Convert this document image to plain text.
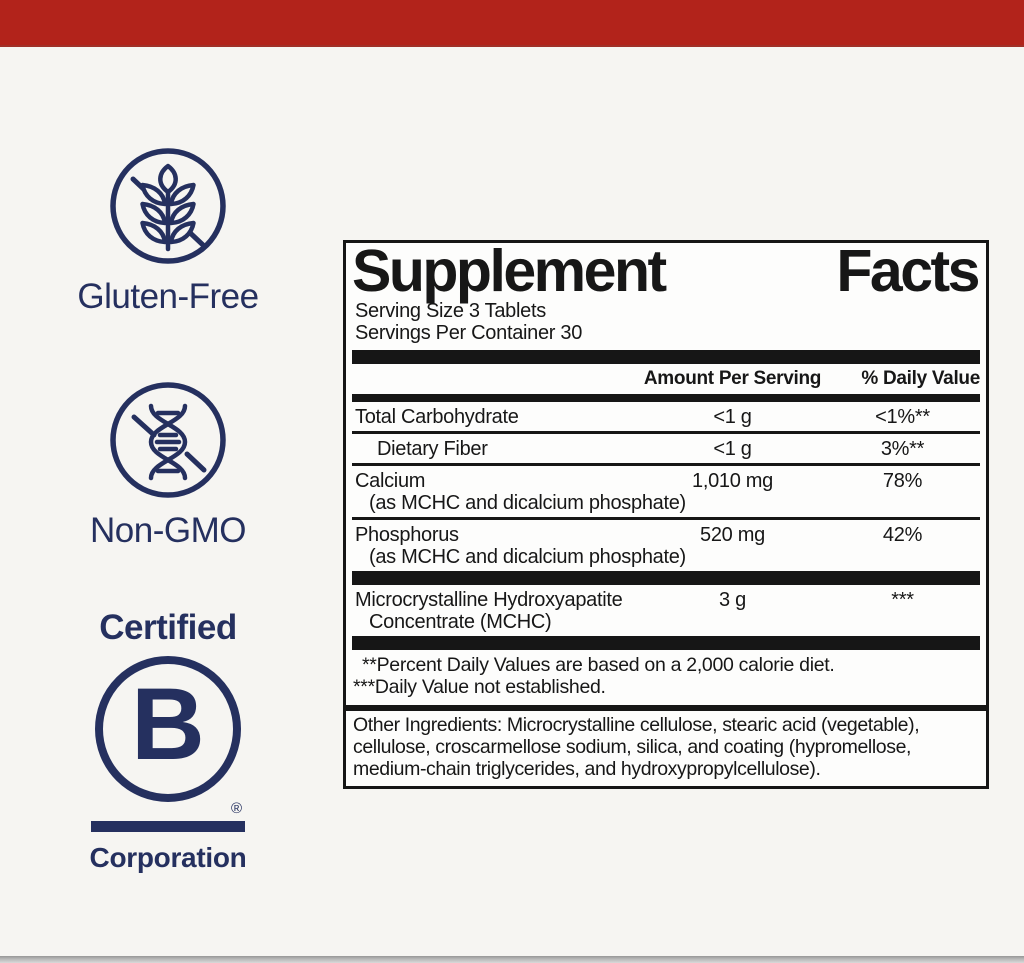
Gluten-Free
Non-GMO
Certified
B
®
Corporation
Supplement	Facts
Serving Size 3 Tablets
Servings Per Container 30
Amount Per Serving	% Daily Value
Total Carbohydrate	<1 g	<1%**
Dietary Fiber	<1 g	3%**
Calcium	1,010 mg	78%
(as MCHC and dicalcium phosphate)
Phosphorus	520 mg	42%
(as MCHC and dicalcium phosphate)
Microcrystalline Hydroxyapatite	3 g	***
Concentrate (MCHC)
**Percent Daily Values are based on a 2,000 calorie diet.
***Daily Value not established.
Other Ingredients: Microcrystalline cellulose, stearic acid (vegetable), cellulose, croscarmellose sodium, silica, and coating (hypromellose, medium-chain triglycerides, and hydroxypropylcellulose).
